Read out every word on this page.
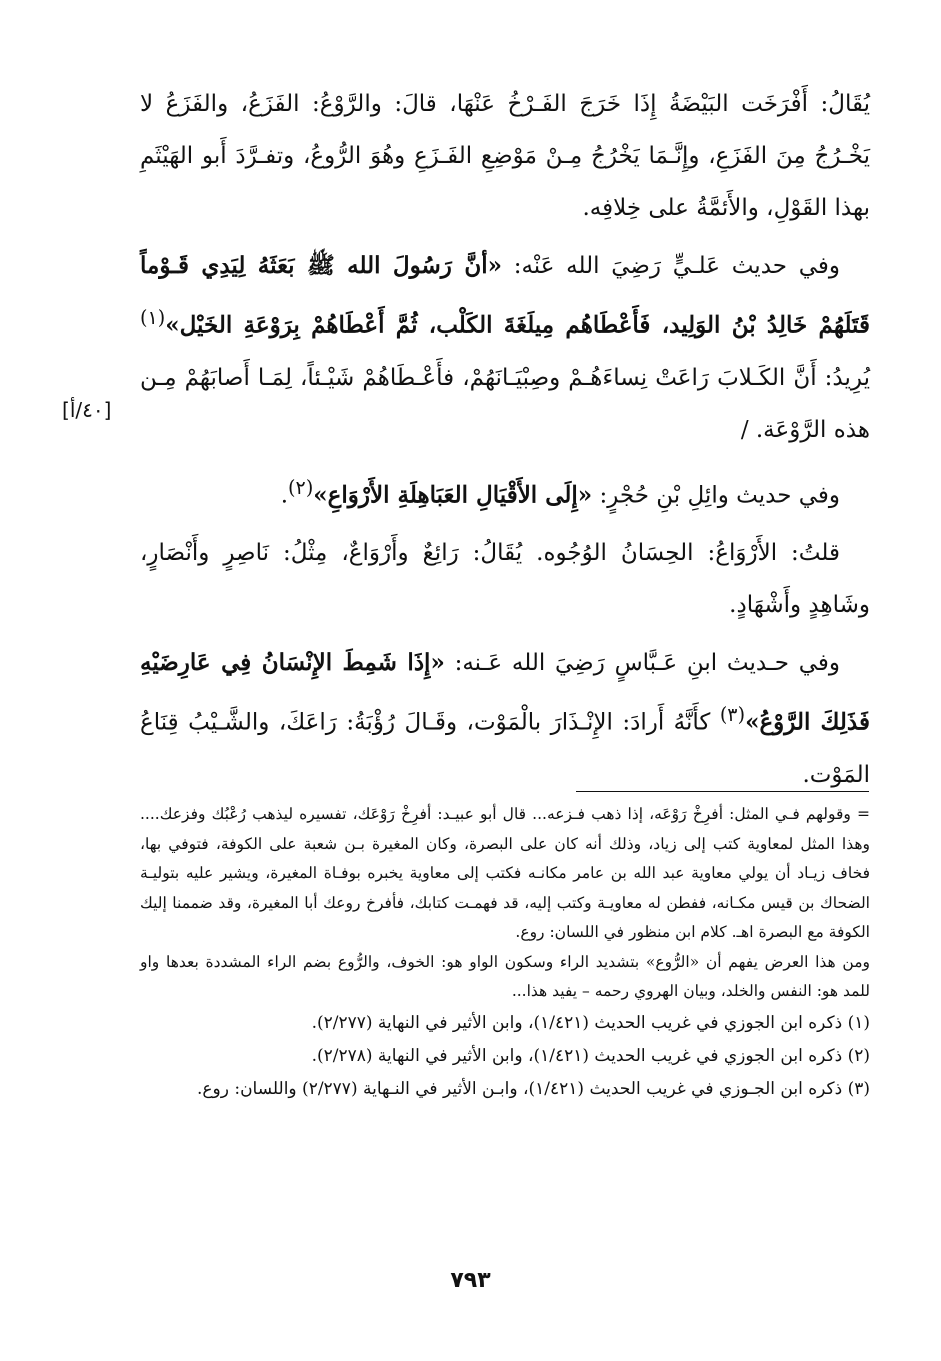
يُقَالُ: أَفْرَخَت البَيْضَةُ إِذَا خَرَجَ الفَـرْخُ عَنْهَا، قالَ: والرَّوْعُ: الفَزَعُ، والفَزَعُ لا يَخْـرُجُ مِنَ الفَزَعِ، وإِنَّـمَا يَخْرُجُ مِـنْ مَوْضِعِ الفَـزَعِ وهُوَ الرُّوعُ، وتفـرَّدَ أَبو الهَيْثَمِ بهذا القَوْلِ، والأَئمَّةُ على خِلافِه.

وفي حديث عَلـيٍّ رَضِيَ الله عَنْه: «أنَّ رَسُولَ الله ﷺ بَعَثَهُ لِيَدِي قَـوْماً قَتَلَهُمْ خَالِدُ بْنُ الوَلِيد، فَأَعْطَاهُم مِيلَغَةَ الكَلْب، ثُمَّ أَعْطَاهُمْ بِرَوْعَةِ الخَيْل»$^{(١)}$ يُرِيدُ: أَنَّ الكَـلابَ رَاعَتْ نِساءَهُـمْ وصِبْيَـانَهُمْ، فأَعْـطَاهُمْ شَيْـئاً، لِمَـا أَصابَهُمْ مِـن هذه الرَّوْعَة. /

وفي حديث وائِلِ بْنِ حُجْرٍ: «إِلَى الأَقْيَالِ العَبَاهِلَةِ الأَرْوَاعِ»$^{(٢)}$.

قلتُ: الأَرْوَاعُ: الحِسَانُ الوُجُوه. يُقَالُ: رَائِعٌ وأَرْوَاعٌ، مِثْلُ: نَاصِرٍ وأَنْصَارٍ، وشَاهِدٍ وأَشْهَادٍ.

وفي حـديث ابنِ عَـبَّاسٍ رَضِيَ الله عَـنه: «إِذَا شَمِطَ الإِنْسَانُ فِي عَارِضَيْهِ فَذَلِكَ الرَّوْعُ»$^{(٣)}$ كأَنَّهُ أَرادَ: الإِنْـذَارَ بالْمَوْت، وقَـالَ رُؤْبَةُ: رَاعَكَ، والشَّـيْبُ قِنَاعُ المَوْت.

[٤٠/أ]

= وقولهم فـي المثل: أفرِخْ رَوْعَه، إذا ذهب فـزعه... قال أبو عبيـد: أفرِخْ رَوْعَك، تفسيره ليذهب رُعْبُك وفزعك.... وهذا المثل لمعاوية كتب إلى زياد، وذلك أنه كان على البصرة، وكان المغيرة بـن شعبة على الكوفة، فتوفي بها، فخاف زيـاد أن يولي معاوية عبد الله بن عامر مكانـه فكتب إلى معاوية يخبره بوفـاة المغيرة، ويشير عليه بتوليـة الضحاك بن قيس مكـانه، ففطن له معاويـة وكتب إليه، قد فهمـت كتابك، فأفرخ روعك أبا المغيرة، وقد ضممنا إليك الكوفة مع البصرة اهـ. كلام ابن منظور في اللسان: روع.

ومن هذا العرض يفهم أن «الرُّوع» بتشديد الراء وسكون الواو هو: الخوف، والرُّوع بضم الراء المشددة بعدها واو للمد هو: النفس والخلد، وبيان الهروي رحمه – يفيد هذا...

(١) ذكره ابن الجوزي في غريب الحديث (١/٤٢١)، وابن الأثير في النهاية (٢/٢٧٧).

(٢) ذكره ابن الجوزي في غريب الحديث (١/٤٢١)، وابن الأثير في النهاية (٢/٢٧٨).

(٣) ذكره ابن الجـوزي في غريب الحديث (١/٤٢١)، وابـن الأثير في النـهاية (٢/٢٧٧) واللسان: روع.

٧٩٣
